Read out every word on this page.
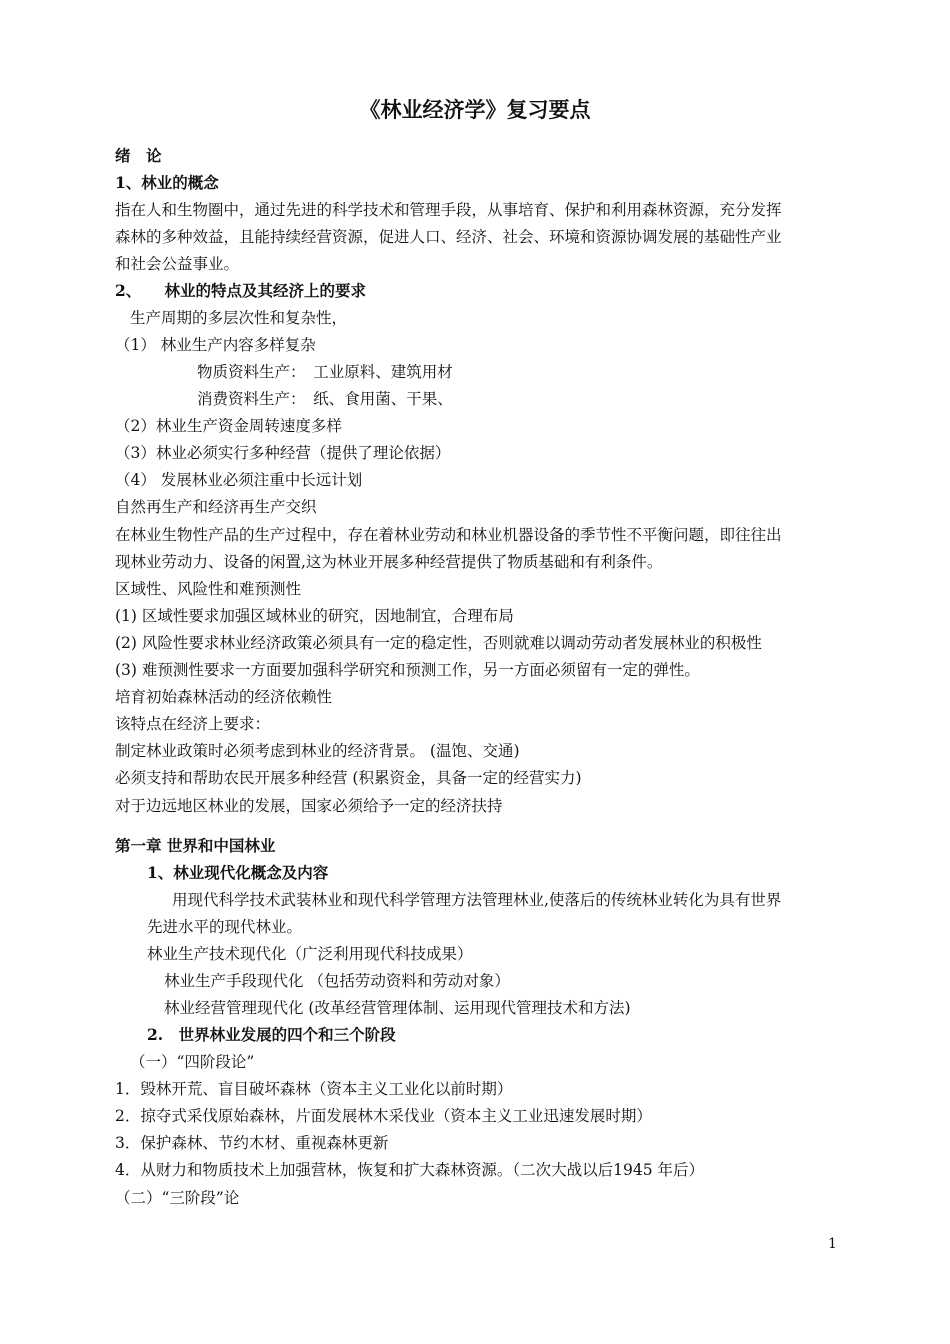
《林业经济学》复习要点
绪　论
1、林业的概念
指在人和生物圈中，通过先进的科学技术和管理手段，从事培育、保护和利用森林资源，充分发挥
森林的多种效益，且能持续经营资源，促进人口、经济、社会、环境和资源协调发展的基础性产业
和社会公益事业。
2、　　林业的特点及其经济上的要求
生产周期的多层次性和复杂性，
（1） 林业生产内容多样复杂
物质资料生产：　工业原料、建筑用材
消费资料生产：　纸、食用菌、干果、
（2）林业生产资金周转速度多样
（3）林业必须实行多种经营（提供了理论依据）
（4） 发展林业必须注重中长远计划
自然再生产和经济再生产交织
在林业生物性产品的生产过程中，存在着林业劳动和林业机器设备的季节性不平衡问题，即往往出
现林业劳动力、设备的闲置,这为林业开展多种经营提供了物质基础和有利条件。
区域性、风险性和难预测性
(1) 区域性要求加强区域林业的研究，因地制宜，合理布局
(2) 风险性要求林业经济政策必须具有一定的稳定性，否则就难以调动劳动者发展林业的积极性
(3) 难预测性要求一方面要加强科学研究和预测工作，另一方面必须留有一定的弹性。
培育初始森林活动的经济依赖性
该特点在经济上要求：
制定林业政策时必须考虑到林业的经济背景。 (温饱、交通)
必须支持和帮助农民开展多种经营 (积累资金，具备一定的经营实力)
对于边远地区林业的发展，国家必须给予一定的经济扶持
第一章 世界和中国林业
1、林业现代化概念及内容
用现代科学技术武装林业和现代科学管理方法管理林业,使落后的传统林业转化为具有世界
先进水平的现代林业。
林业生产技术现代化（广泛利用现代科技成果）
林业生产手段现代化 （包括劳动资料和劳动对象）
林业经营管理现代化 (改革经营管理体制、运用现代管理技术和方法)
2.　世界林业发展的四个和三个阶段
（一）“四阶段论”
1．毁林开荒、盲目破坏森林（资本主义工业化以前时期）
2．掠夺式采伐原始森林，片面发展林木采伐业（资本主义工业迅速发展时期）
3．保护森林、节约木材、重视森林更新
4．从财力和物质技术上加强营林，恢复和扩大森林资源。（二次大战以后1945 年后）
（二）“三阶段”论
1
